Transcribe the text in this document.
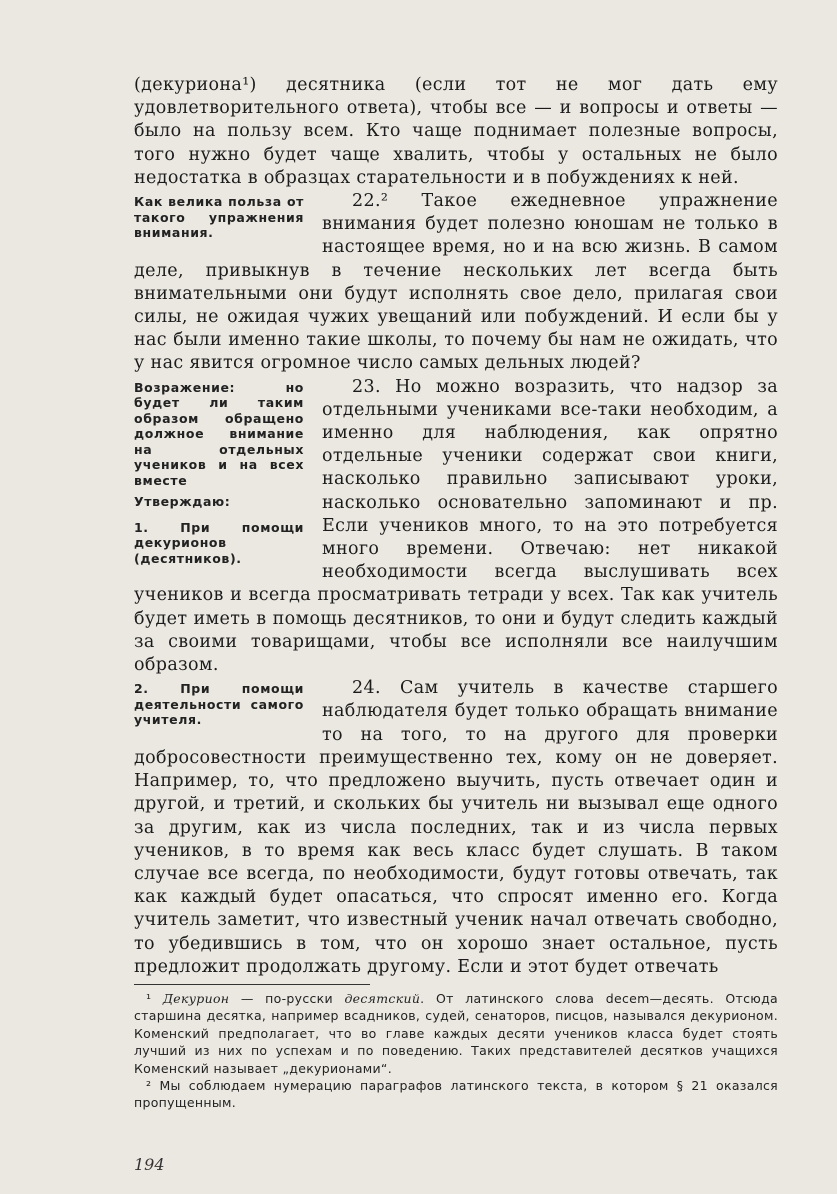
(декуриона¹) десятника (если тот не мог дать ему удовлетворительного ответа), чтобы все — и вопросы и ответы — было на пользу всем. Кто чаще поднимает полезные вопросы, того нужно будет чаще хвалить, чтобы у остальных не было недостатка в образцах старательности и в побуждениях к ней.

Как велика польза от такого упражнения внимания.

22.² Такое ежедневное упражнение внимания будет полезно юношам не только в настоящее время, но и на всю жизнь. В самом деле, привыкнув в течение нескольких лет всегда быть внимательными они будут исполнять свое дело, прилагая свои силы, не ожидая чужих увещаний или побуждений. И если бы у нас были именно такие школы, то почему бы нам не ожидать, что у нас явится огромное число самых дельных людей?

Возражение: но будет ли таким образом обращено должное внимание на отдельных учеников и на всех вместе

Утверждаю:

1. При помощи декурионов (десятников).

23. Но можно возразить, что надзор за отдельными учениками все-таки необходим, а именно для наблюдения, как опрятно отдельные ученики содержат свои книги, насколько правильно записывают уроки, насколько основательно запоминают и пр. Если учеников много, то на это потребуется много времени. Отвечаю: нет никакой необходимости всегда выслушивать всех учеников и всегда просматривать тетради у всех. Так как учитель будет иметь в помощь десятников, то они и будут следить каждый за своими товарищами, чтобы все исполняли все наилучшим образом.

2. При помощи деятельности самого учителя.

24. Сам учитель в качестве старшего наблюдателя будет только обращать внимание то на того, то на другого для проверки добросовестности преимущественно тех, кому он не доверяет. Например, то, что предложено выучить, пусть отвечает один и другой, и третий, и скольких бы учитель ни вызывал еще одного за другим, как из числа последних, так и из числа первых учеников, в то время как весь класс будет слушать. В таком случае все всегда, по необходимости, будут готовы отвечать, так как каждый будет опасаться, что спросят именно его. Когда учитель заметит, что известный ученик начал отвечать свободно, то убедившись в том, что он хорошо знает остальное, пусть предложит продолжать другому. Если и этот будет отвечать

¹ Декурион — по-русски десятский. От латинского слова decem—десять. Отсюда старшина десятка, например всадников, судей, сенаторов, писцов, назывался декурионом. Коменский предполагает, что во главе каждых десяти учеников класса будет стоять лучший из них по успехам и по поведению. Таких представителей десятков учащихся Коменский называет „декурионами“.

² Мы соблюдаем нумерацию параграфов латинского текста, в котором § 21 оказался пропущенным.

194
